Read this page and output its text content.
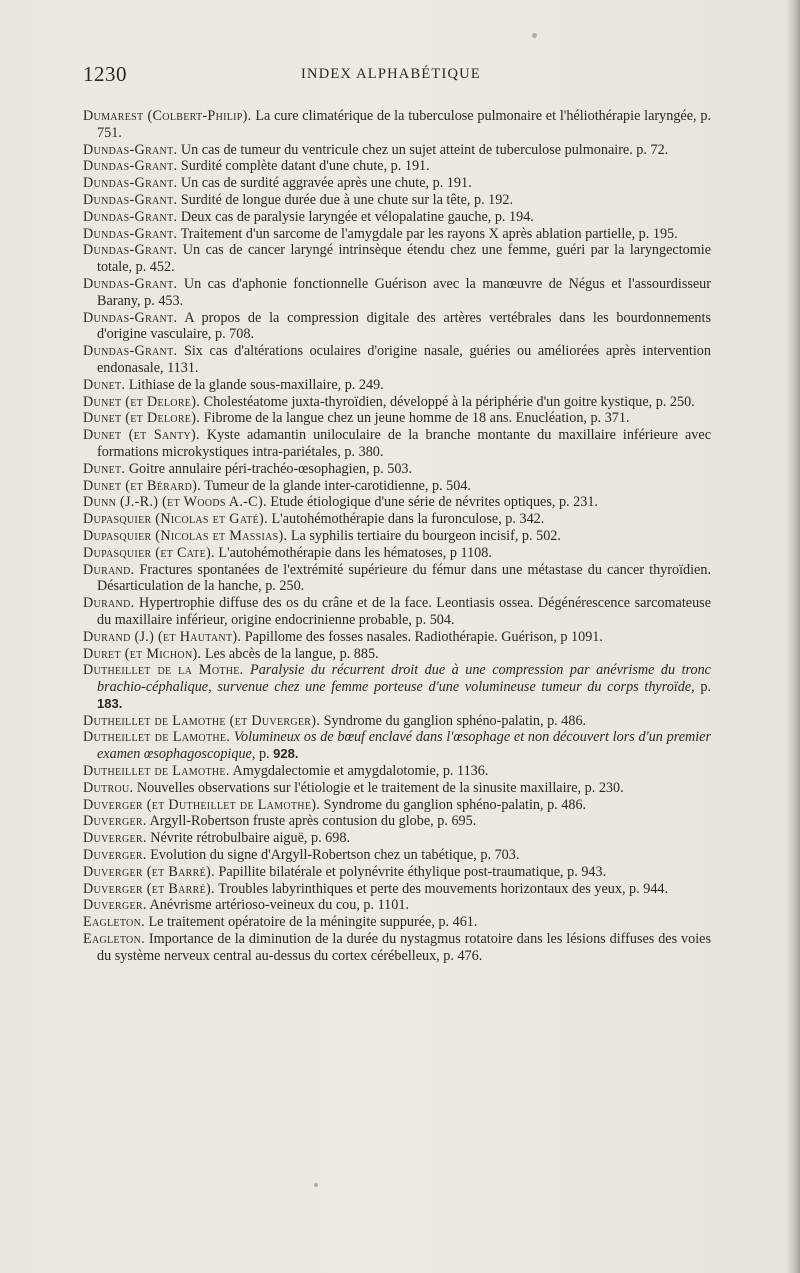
1230	INDEX ALPHABÉTIQUE

Dumarest (Colbert-Philip). La cure climatérique de la tuberculose pulmonaire et l'héliothérapie laryngée, p. 751.

Dundas-Grant. Un cas de tumeur du ventricule chez un sujet atteint de tuberculose pulmonaire. p. 72.

Dundas-Grant. Surdité complète datant d'une chute, p. 191.

Dundas-Grant. Un cas de surdité aggravée après une chute, p. 191.

Dundas-Grant. Surdité de longue durée due à une chute sur la tête, p. 192.

Dundas-Grant. Deux cas de paralysie laryngée et vélopalatine gauche, p. 194.

Dundas-Grant. Traitement d'un sarcome de l'amygdale par les rayons X après ablation partielle, p. 195.

Dundas-Grant. Un cas de cancer laryngé intrinsèque étendu chez une femme, guéri par la laryngectomie totale, p. 452.

Dundas-Grant. Un cas d'aphonie fonctionnelle Guérison avec la manœuvre de Négus et l'assourdisseur Barany, p. 453.

Dundas-Grant. A propos de la compression digitale des artères vertébrales dans les bourdonnements d'origine vasculaire, p. 708.

Dundas-Grant. Six cas d'altérations oculaires d'origine nasale, guéries ou améliorées après intervention endonasale, 1131.

Dunet. Lithiase de la glande sous-maxillaire, p. 249.

Dunet (et Delore). Cholestéatome juxta-thyroïdien, développé à la périphérie d'un goitre kystique, p. 250.

Dunet (et Delore). Fibrome de la langue chez un jeune homme de 18 ans. Enucléation, p. 371.

Dunet (et Santy). Kyste adamantin uniloculaire de la branche montante du maxillaire inférieure avec formations microkystiques intra-pariétales, p. 380.

Dunet. Goitre annulaire péri-trachéo-œsophagien, p. 503.

Dunet (et Bérard). Tumeur de la glande inter-carotidienne, p. 504.

Dunn (J.-R.) (et Woods A.-C). Etude étiologique d'une série de névrites optiques, p. 231.

Dupasquier (Nicolas et Gaté). L'autohémothérapie dans la furonculose, p. 342.

Dupasquier (Nicolas et Massias). La syphilis tertiaire du bourgeon incisif, p. 502.

Dupasquier (et Cate). L'autohémothérapie dans les hématoses, p 1108.

Durand. Fractures spontanées de l'extrémité supérieure du fémur dans une métastase du cancer thyroïdien. Désarticulation de la hanche, p. 250.

Durand. Hypertrophie diffuse des os du crâne et de la face. Leontiasis ossea. Dégénérescence sarcomateuse du maxillaire inférieur, origine endocrinienne probable, p. 504.

Durand (J.) (et Hautant). Papillome des fosses nasales. Radiothérapie. Guérison, p 1091.

Duret (et Michon). Les abcès de la langue, p. 885.

Dutheillet de la Mothe. Paralysie du récurrent droit due à une compression par anévrisme du tronc brachio-céphalique, survenue chez une femme porteuse d'une volumineuse tumeur du corps thyroïde, p. 183.

Dutheillet de Lamothe (et Duverger). Syndrome du ganglion sphéno-palatin, p. 486.

Dutheillet de Lamothe. Volumineux os de bœuf enclavé dans l'œsophage et non découvert lors d'un premier examen œsophagoscopique, p. 928.

Dutheillet de Lamothe. Amygdalectomie et amygdalotomie, p. 1136.

Dutrou. Nouvelles observations sur l'étiologie et le traitement de la sinusite maxillaire, p. 230.

Duverger (et Dutheillet de Lamothe). Syndrome du ganglion sphéno-palatin, p. 486.

Duverger. Argyll-Robertson fruste après contusion du globe, p. 695.

Duverger. Névrite rétrobulbaire aiguë, p. 698.

Duverger. Evolution du signe d'Argyll-Robertson chez un tabétique, p. 703.

Duverger (et Barré). Papillite bilatérale et polynévrite éthylique post-traumatique, p. 943.

Duverger (et Barré). Troubles labyrinthiques et perte des mouvements horizontaux des yeux, p. 944.

Duverger. Anévrisme artérioso-veineux du cou, p. 1101.

Eagleton. Le traitement opératoire de la méningite suppurée, p. 461.

Eagleton. Importance de la diminution de la durée du nystagmus rotatoire dans les lésions diffuses des voies du système nerveux central au-dessus du cortex cérébelleux, p. 476.
